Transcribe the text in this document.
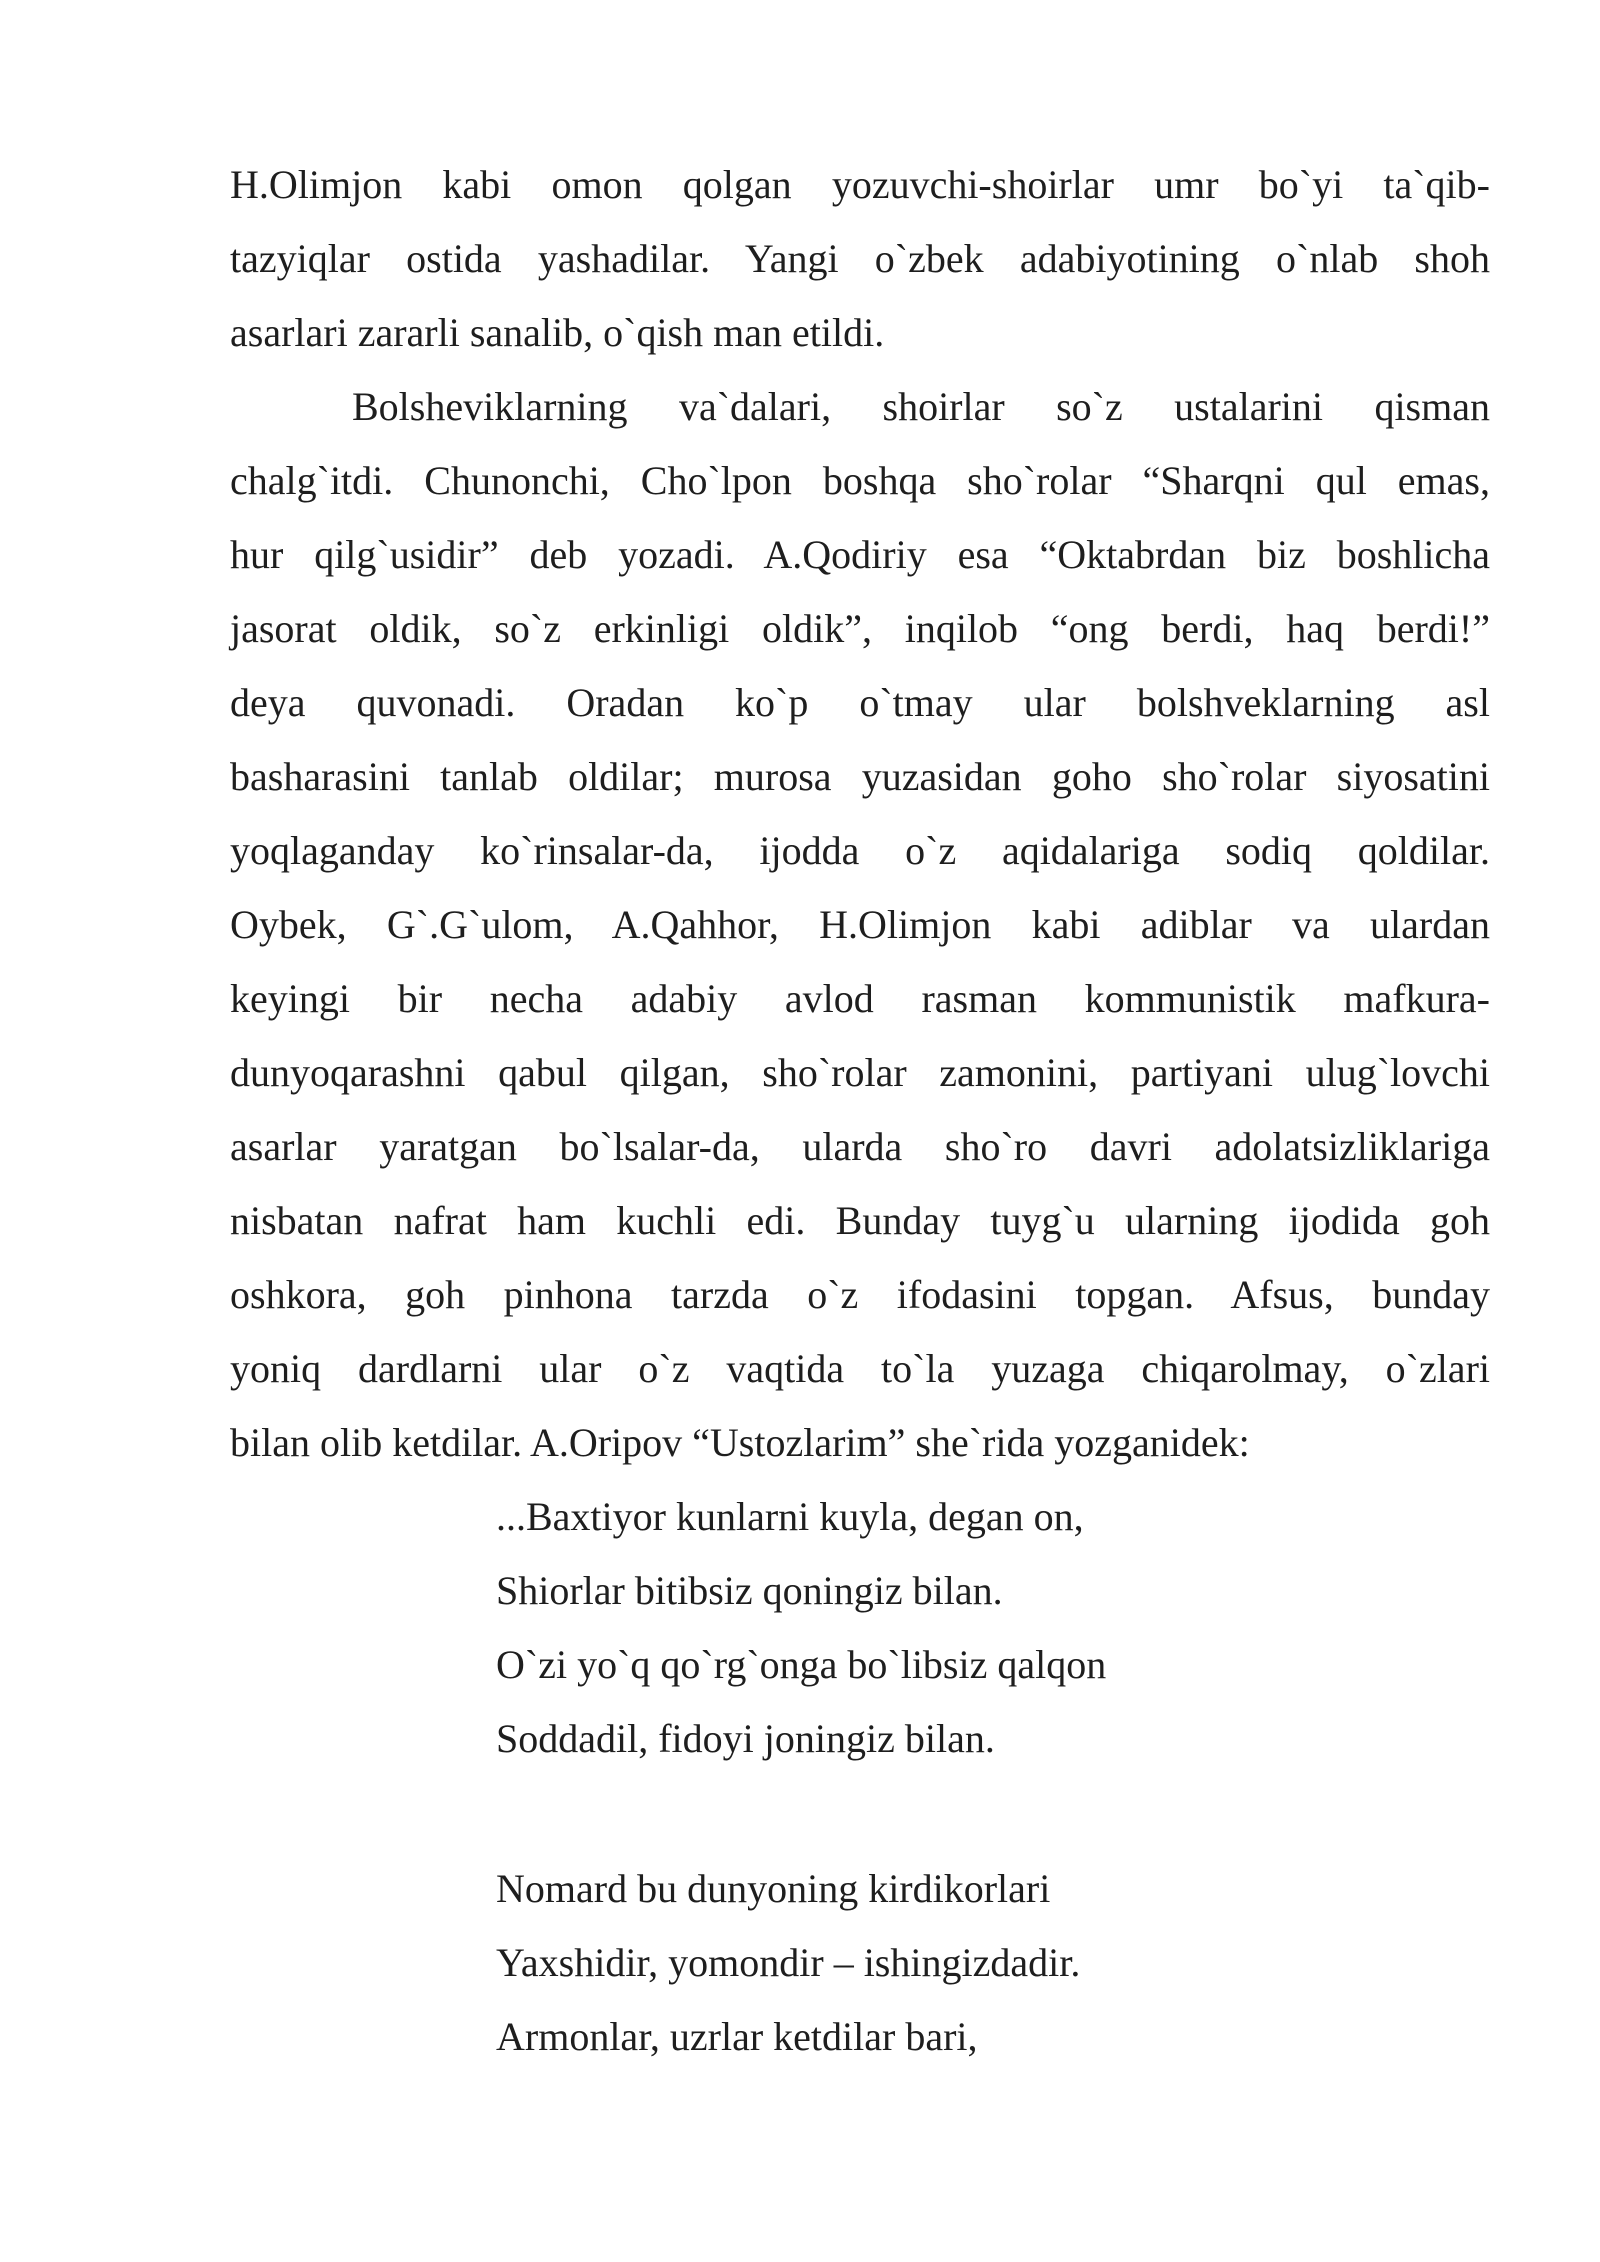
H.Olimjon kabi omon qolgan yozuvchi-shoirlar umr bo`yi ta`qib-
tazyiqlar ostida yashadilar. Yangi o`zbek adabiyotining o`nlab shoh
asarlari zararli sanalib, o`qish man etildi.

Bolsheviklarning va`dalari, shoirlar so`z ustalarini qisman
chalg`itdi. Chunonchi, Cho`lpon boshqa sho`rolar “Sharqni qul emas,
hur qilg`usidir” deb yozadi. A.Qodiriy esa “Oktabrdan biz boshlicha
jasorat oldik, so`z erkinligi oldik”, inqilob “ong berdi, haq berdi!”
deya quvonadi. Oradan ko`p o`tmay ular bolshveklarning asl
basharasini tanlab oldilar; murosa yuzasidan goho sho`rolar siyosatini
yoqlaganday ko`rinsalar-da, ijodda o`z aqidalariga sodiq qoldilar.
Oybek, G`.G`ulom, A.Qahhor, H.Olimjon kabi adiblar va ulardan
keyingi bir necha adabiy avlod rasman kommunistik mafkura-
dunyoqarashni qabul qilgan, sho`rolar zamonini, partiyani ulug`lovchi
asarlar yaratgan bo`lsalar-da, ularda sho`ro davri adolatsizliklariga
nisbatan nafrat ham kuchli edi. Bunday tuyg`u ularning ijodida goh
oshkora, goh pinhona tarzda o`z ifodasini topgan. Afsus, bunday
yoniq dardlarni ular o`z vaqtida to`la yuzaga chiqarolmay, o`zlari
bilan olib ketdilar. A.Oripov “Ustozlarim” she`rida yozganidek:

...Baxtiyor kunlarni kuyla, degan on,
Shiorlar bitibsiz qoningiz bilan.
O`zi yo`q qo`rg`onga bo`libsiz qalqon
Soddadil, fidoyi joningiz bilan.
Nomard bu dunyoning kirdikorlari
Yaxshidir, yomondir – ishingizdadir.
Armonlar, uzrlar ketdilar bari,
